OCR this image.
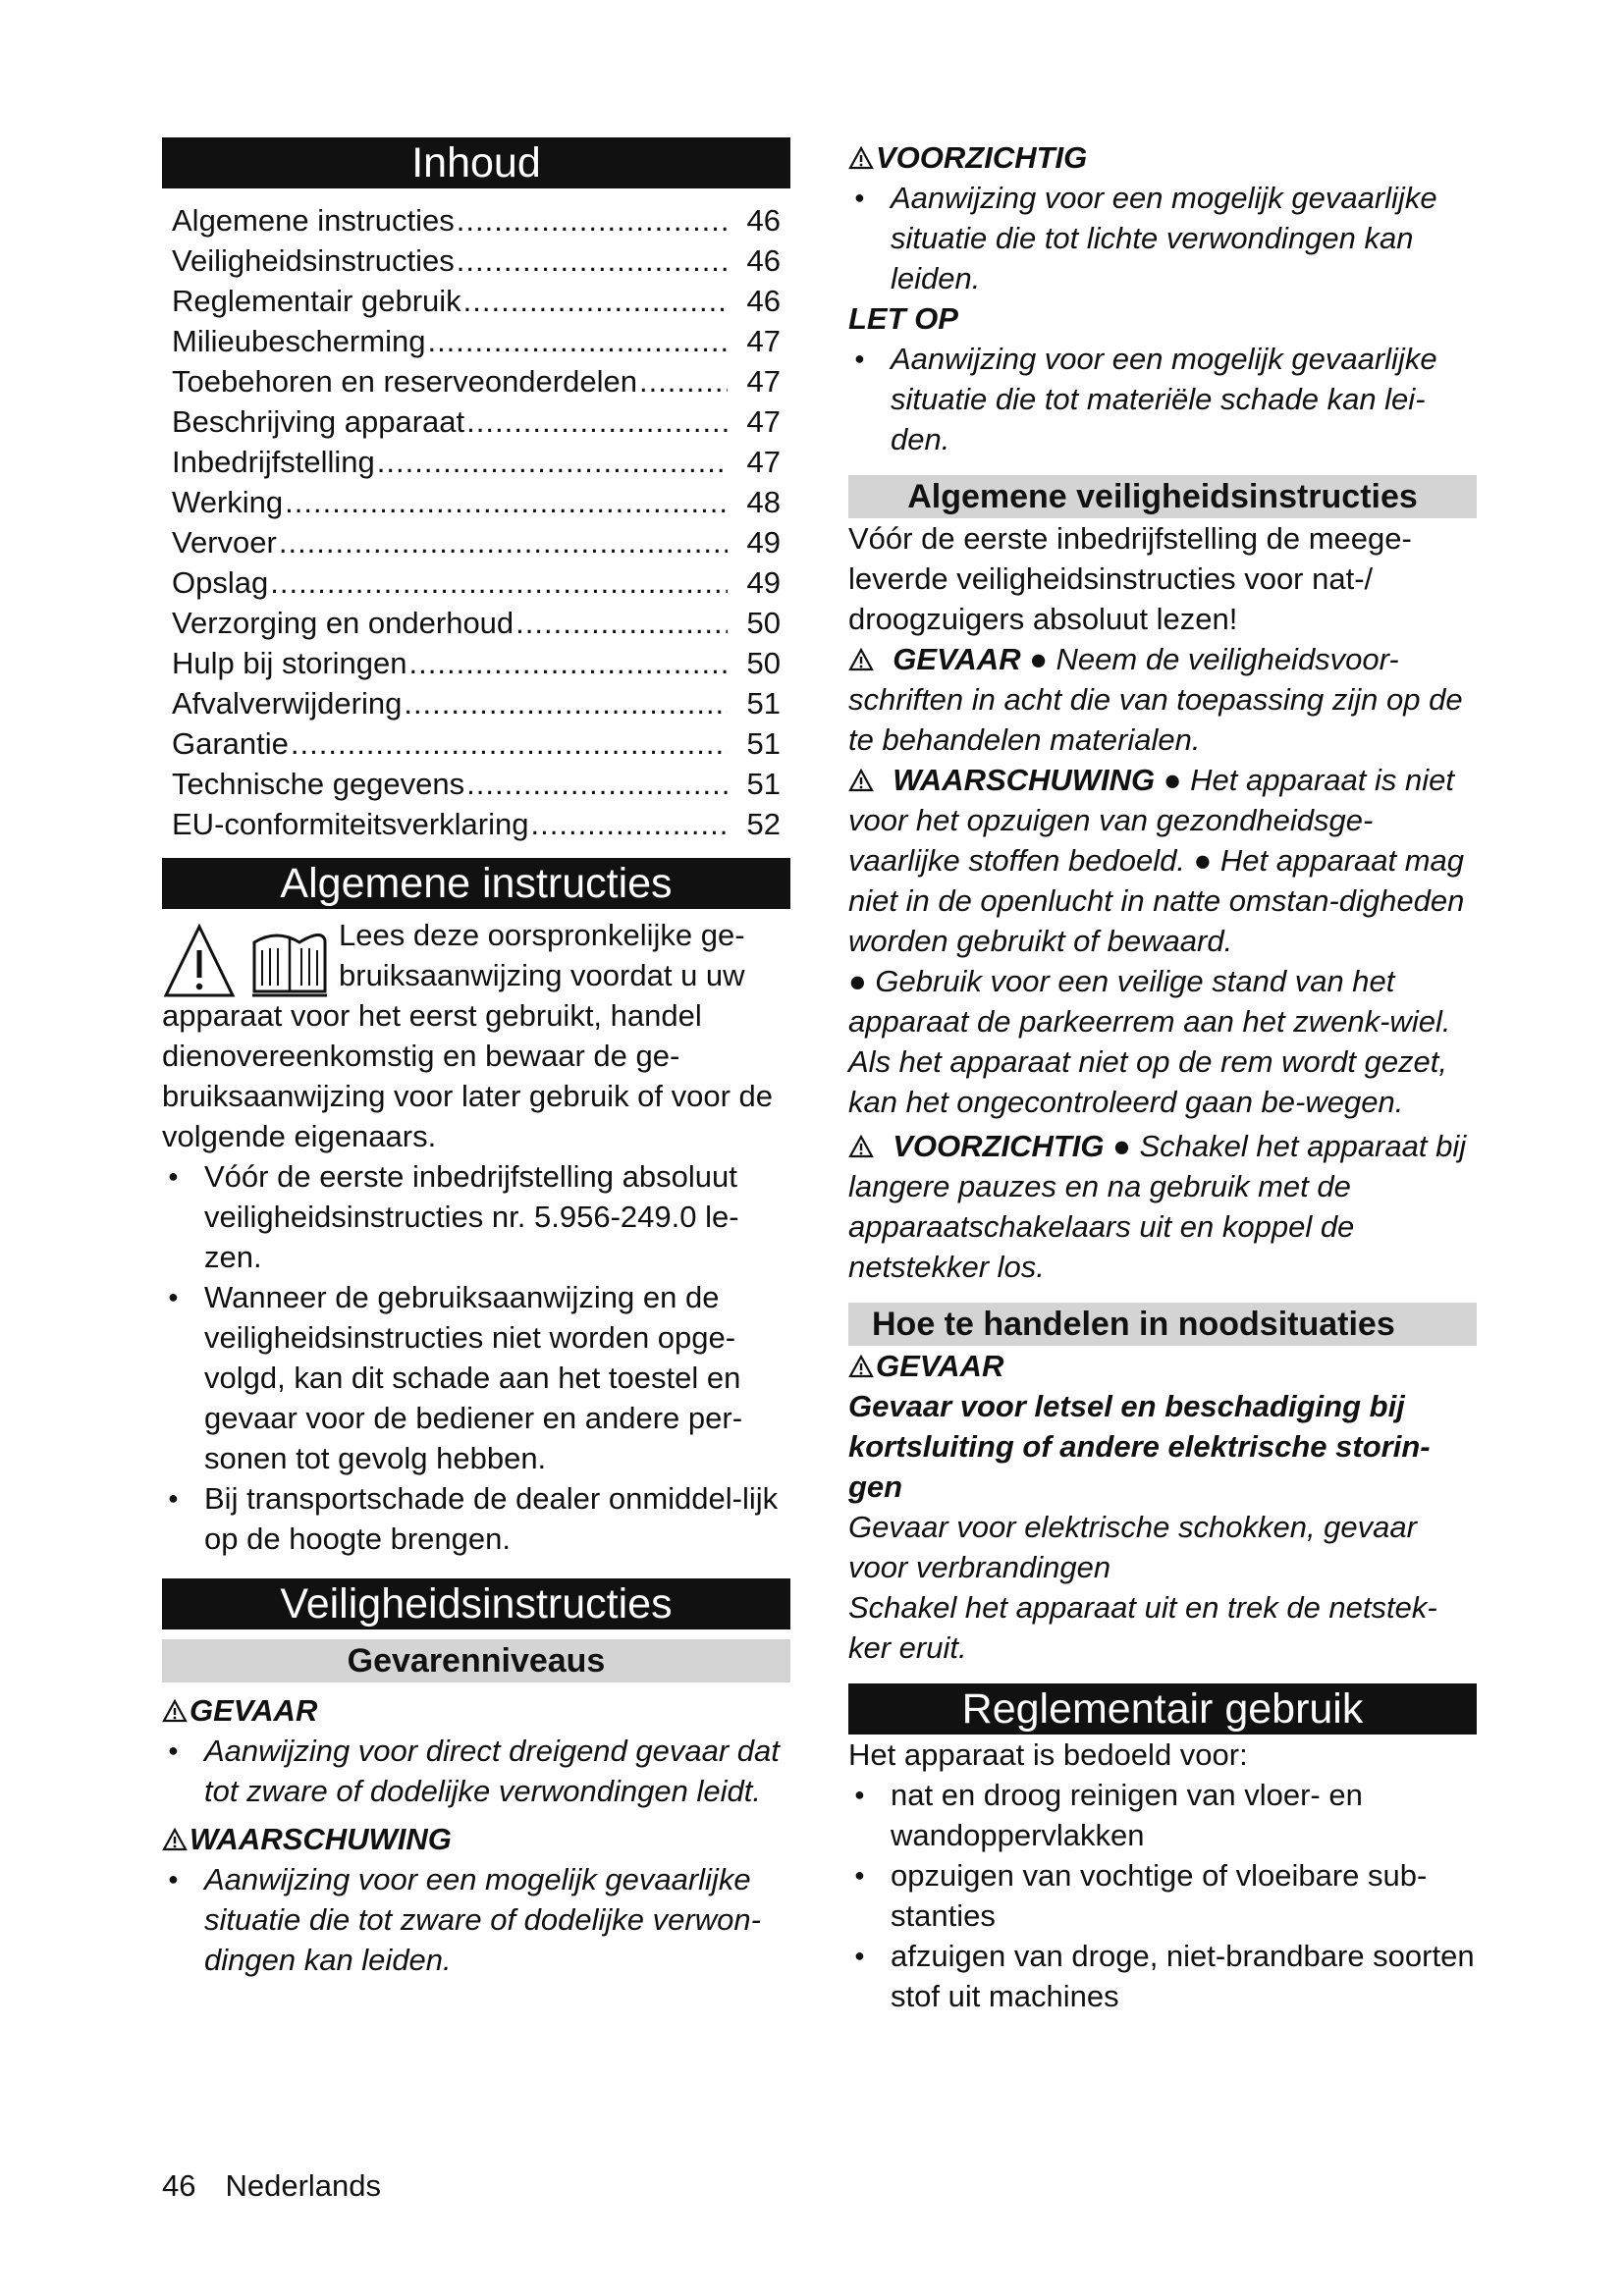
Inhoud
Algemene instructies .....	46
Veiligheidsinstructies .....	46
Reglementair gebruik .....	46
Milieubescherming .....	47
Toebehoren en reserveonderdelen .....	47
Beschrijving apparaat .....	47
Inbedrijfstelling .....	47
Werking .....	48
Vervoer .....	49
Opslag .....	49
Verzorging en onderhoud .....	50
Hulp bij storingen .....	50
Afvalverwijdering .....	51
Garantie .....	51
Technische gegevens .....	51
EU-conformiteitsverklaring .....	52
Algemene instructies

Lees deze oorspronkelijke ge-

bruiksaanwijzing voordat u uw

apparaat voor het eerst gebruikt, handel dienovereenkomstig en bewaar de ge-bruiksaanwijzing voor later gebruik of voor de volgende eigenaars.

● Vóór de eerste inbedrijfstelling absoluut veiligheidsinstructies nr. 5.956-249.0 le-zen.
● Wanneer de gebruiksaanwijzing en de veiligheidsinstructies niet worden opge-volgd, kan dit schade aan het toestel en gevaar voor de bediener en andere per-sonen tot gevolg hebben.
● Bij transportschade de dealer onmiddel-lijk op de hoogte brengen.
Veiligheidsinstructies
Gevarenniveaus

GEVAAR

● Aanwijzing voor direct dreigend gevaar dat tot zware of dodelijke verwondingen leidt.

WAARSCHUWING

● Aanwijzing voor een mogelijk gevaarlijke situatie die tot zware of dodelijke verwon-dingen kan leiden.

VOORZICHTIG

● Aanwijzing voor een mogelijk gevaarlijke situatie die tot lichte verwondingen kan leiden.

LET OP

● Aanwijzing voor een mogelijk gevaarlijke situatie die tot materiële schade kan lei-den.
Algemene veiligheidsinstructies

Vóór de eerste inbedrijfstelling de meege-leverde veiligheidsinstructies voor nat-/ droogzuigers absoluut lezen!

GEVAAR ● Neem de veiligheidsvoor-schriften in acht die van toepassing zijn op de te behandelen materialen.

WAARSCHUWING ● Het apparaat is niet voor het opzuigen van gezondheidsge-vaarlijke stoffen bedoeld. ● Het apparaat mag niet in de openlucht in natte omstan-digheden worden gebruikt of bewaard.
● Gebruik voor een veilige stand van het apparaat de parkeerrem aan het zwenk-wiel. Als het apparaat niet op de rem wordt gezet, kan het ongecontroleerd gaan be-wegen.

VOORZICHTIG ● Schakel het apparaat bij langere pauzes en na gebruik met de apparaatschakelaars uit en koppel de netstekker los.

Hoe te handelen in noodsituaties

GEVAAR

Gevaar voor letsel en beschadiging bij kortsluiting of andere elektrische storin-gen

Gevaar voor elektrische schokken, gevaar voor verbrandingen

Schakel het apparaat uit en trek de netstek-ker eruit.

Reglementair gebruik

Het apparaat is bedoeld voor:

● nat en droog reinigen van vloer- en wandoppervlakken
● opzuigen van vochtige of vloeibare sub-stanties
● afzuigen van droge, niet-brandbare soorten stof uit machines
46 Nederlands
